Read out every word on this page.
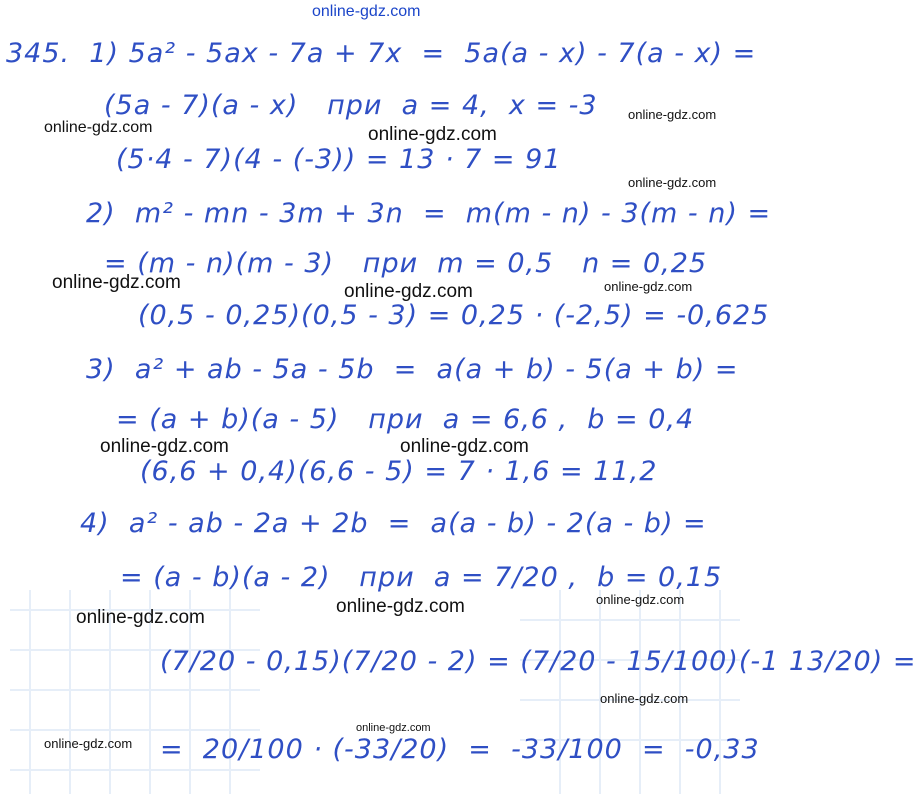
online-gdz.com
345.  1) 5a² - 5ax - 7a + 7x  =  5a(a - x) - 7(a - x) =
(5a - 7)(a - x)   при  a = 4,  x = -3
(5·4 - 7)(4 - (-3)) = 13 · 7 = 91
2)  m² - mn - 3m + 3n  =  m(m - n) - 3(m - n) =
= (m - n)(m - 3)   при  m = 0,5   n = 0,25
(0,5 - 0,25)(0,5 - 3) = 0,25 · (-2,5) = -0,625
3)  a² + ab - 5a - 5b  =  a(a + b) - 5(a + b) =
= (a + b)(a - 5)   при  a = 6,6 ,  b = 0,4
(6,6 + 0,4)(6,6 - 5) = 7 · 1,6 = 11,2
4)  a² - ab - 2a + 2b  =  a(a - b) - 2(a - b) =
= (a - b)(a - 2)   при  a = 7/20 ,  b = 0,15
(7/20 - 0,15)(7/20 - 2) = (7/20 - 15/100)(-1 13/20) =
=  20/100 · (-33/20)  =  -33/100  =  -0,33
online-gdz.com	online-gdz.com
online-gdz.com
online-gdz.com
online-gdz.com	online-gdz.com	online-gdz.com
online-gdz.com	online-gdz.com
online-gdz.com
online-gdz.com	online-gdz.com
online-gdz.com
online-gdz.com
online-gdz.com
